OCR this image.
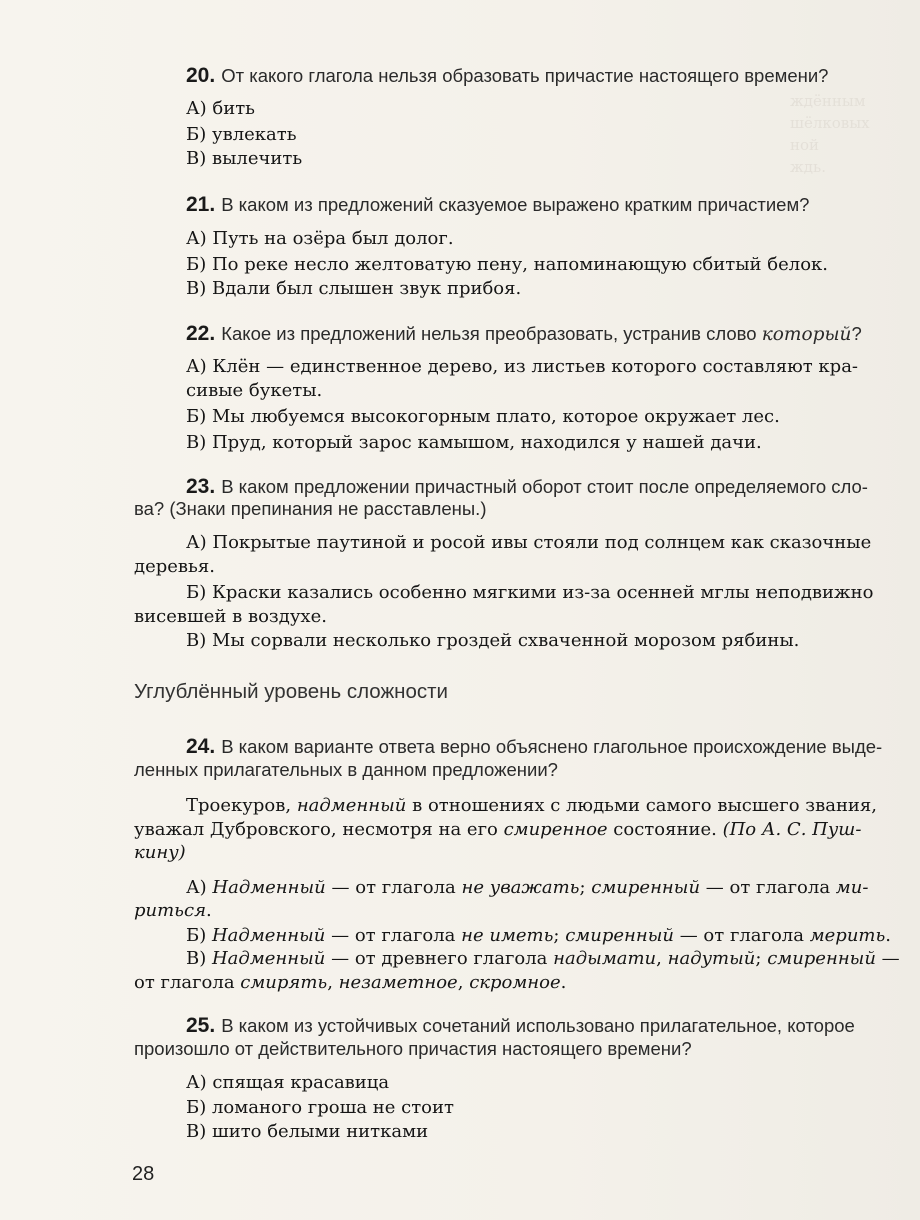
ждённым
шёлковых
ной
ждь.
20. От какого глагола нельзя образовать причастие настоящего времени?
А) бить
Б) увлекать
В) вылечить
21. В каком из предложений сказуемое выражено кратким причастием?
А) Путь на озёра был долог.
Б) По реке несло желтоватую пену, напоминающую сбитый белок.
В) Вдали был слышен звук прибоя.
22. Какое из предложений нельзя преобразовать, устранив слово который?
А) Клён — единственное дерево, из листьев которого составляют кра-
сивые букеты.
Б) Мы любуемся высокогорным плато, которое окружает лес.
В) Пруд, который зарос камышом, находился у нашей дачи.
23. В каком предложении причастный оборот стоит после определяемого сло-
ва? (Знаки препинания не расставлены.)
А) Покрытые паутиной и росой ивы стояли под солнцем как сказочные
деревья.
Б) Краски казались особенно мягкими из-за осенней мглы неподвижно
висевшей в воздухе.
В) Мы сорвали несколько гроздей схваченной морозом рябины.
Углублённый уровень сложности
24. В каком варианте ответа верно объяснено глагольное происхождение выде-
ленных прилагательных в данном предложении?
Троекуров, надменный в отношениях с людьми самого высшего звания,
уважал Дубровского, несмотря на его смиренное состояние. (По А. С. Пуш-
кину)
А) Надменный — от глагола не уважать; смиренный — от глагола ми-
риться.
Б) Надменный — от глагола не иметь; смиренный — от глагола мерить.
В) Надменный — от древнего глагола надымати, надутый; смиренный —
от глагола смирять, незаметное, скромное.
25. В каком из устойчивых сочетаний использовано прилагательное, которое
произошло от действительного причастия настоящего времени?
А) спящая красавица
Б) ломаного гроша не стоит
В) шито белыми нитками
28
